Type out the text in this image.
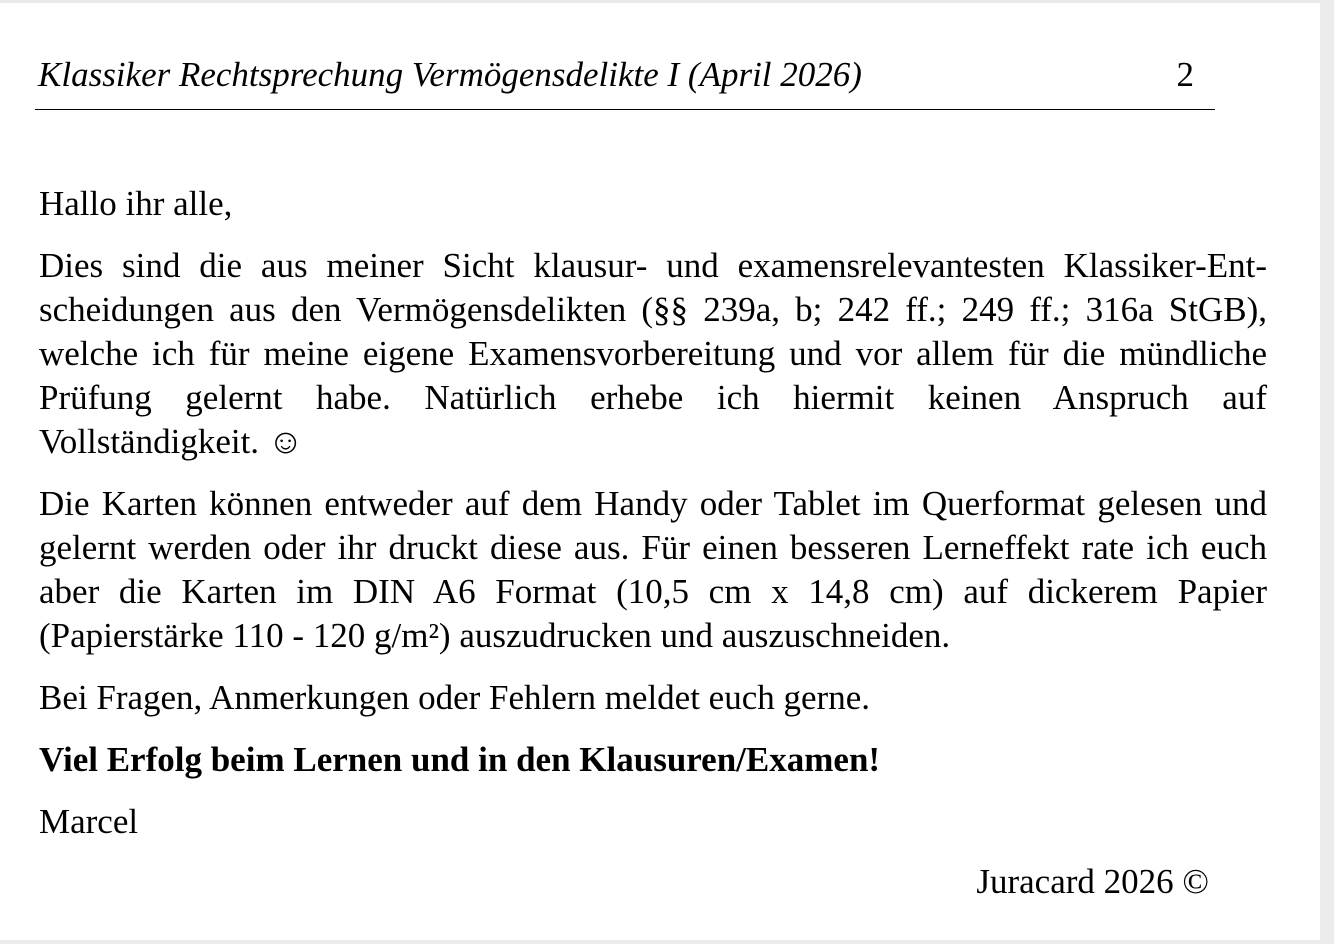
Klassiker Rechtsprechung Vermögensdelikte I (April 2026)	2

Hallo ihr alle,

Dies sind die aus meiner Sicht klausur- und examensrelevantesten Klassiker-Entscheidungen aus den Vermögensdelikten (§§ 239a, b; 242 ff.; 249 ff.; 316a StGB), welche ich für meine eigene Examensvorbereitung und vor allem für die mündliche Prüfung gelernt habe. Natürlich erhebe ich hiermit keinen Anspruch auf Vollständigkeit. ☺

Die Karten können entweder auf dem Handy oder Tablet im Querformat gelesen und gelernt werden oder ihr druckt diese aus. Für einen besseren Lerneffekt rate ich euch aber die Karten im DIN A6 Format (10,5 cm x 14,8 cm) auf dickerem Papier (Papierstärke 110 - 120 g/m²) auszudrucken und auszuschneiden.

Bei Fragen, Anmerkungen oder Fehlern meldet euch gerne.

Viel Erfolg beim Lernen und in den Klausuren/Examen!

Marcel

Juracard 2026 ©
